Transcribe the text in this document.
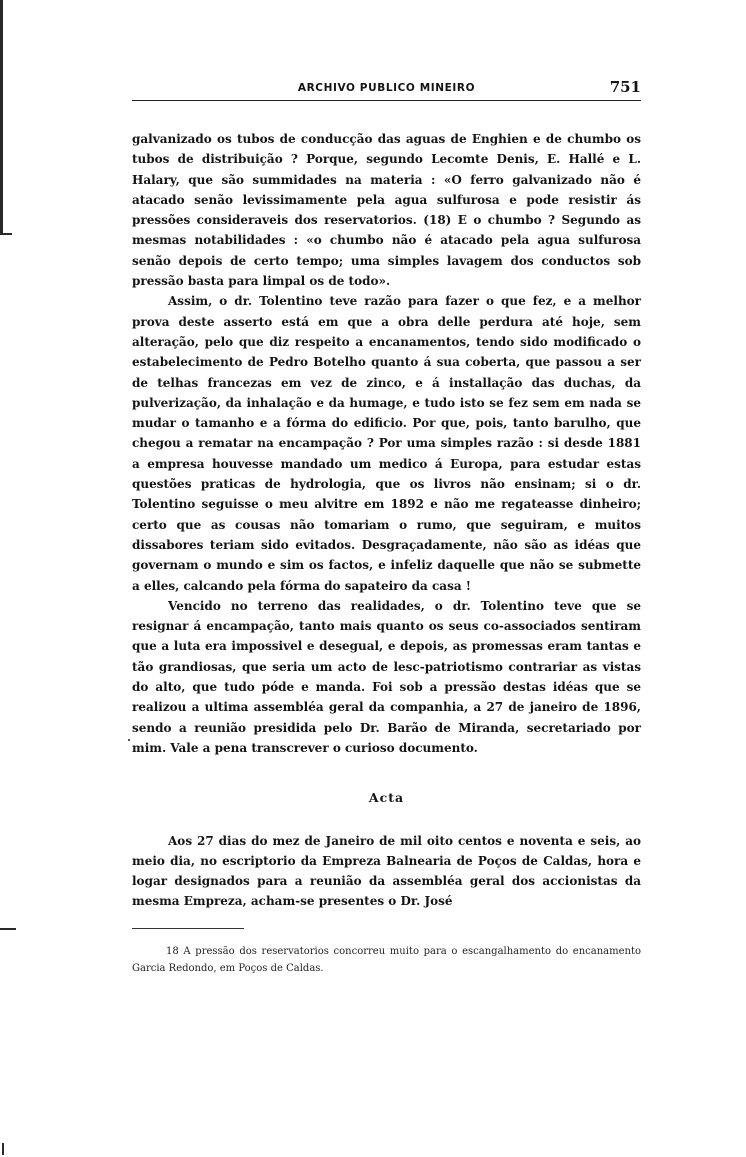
ARCHIVO PUBLICO MINEIRO	751

galvanizado os tubos de conducção das aguas de Enghien e de chumbo os tubos de distribuição ? Porque, segundo Lecomte Denis, E. Hallé e L. Halary, que são summidades na materia : «O ferro galvanizado não é atacado senão levissimamente pela agua sulfurosa e pode resistir ás pressões consideraveis dos reservatorios. (18) E o chumbo ? Segundo as mesmas notabilidades : «o chumbo não é atacado pela agua sulfurosa senão depois de certo tempo; uma simples lavagem dos conductos sob pressão basta para limpal os de todo».

Assim, o dr. Tolentino teve razão para fazer o que fez, e a melhor prova deste asserto está em que a obra delle perdura até hoje, sem alteração, pelo que diz respeito a encanamentos, tendo sido modificado o estabelecimento de Pedro Botelho quanto á sua coberta, que passou a ser de telhas francezas em vez de zinco, e á installação das duchas, da pulverização, da inhalação e da humage, e tudo isto se fez sem em nada se mudar o tamanho e a fórma do edificio. Por que, pois, tanto barulho, que chegou a rematar na encampação ? Por uma simples razão : si desde 1881 a empresa houvesse mandado um medico á Europa, para estudar estas questões praticas de hydrologia, que os livros não ensinam; si o dr. Tolentino seguisse o meu alvitre em 1892 e não me regateasse dinheiro; certo que as cousas não tomariam o rumo, que seguiram, e muitos dissabores teriam sido evitados. Desgraçadamente, não são as idéas que governam o mundo e sim os factos, e infeliz daquelle que não se submette a elles, calcando pela fórma do sapateiro da casa !

Vencido no terreno das realidades, o dr. Tolentino teve que se resignar á encampação, tanto mais quanto os seus co-associados sentiram que a luta era impossivel e desegual, e depois, as promessas eram tantas e tão grandiosas, que seria um acto de lesc-patriotismo contrariar as vistas do alto, que tudo póde e manda. Foi sob a pressão destas idéas que se realizou a ultima assembléa geral da companhia, a 27 de janeiro de 1896, sendo a reunião presidida pelo Dr. Barão de Miranda, secretariado por mim. Vale a pena transcrever o curioso documento.

Acta

Aos 27 dias do mez de Janeiro de mil oito centos e noventa e seis, ao meio dia, no escriptorio da Empreza Balnearia de Poços de Caldas, hora e logar designados para a reunião da assembléa geral dos accionistas da mesma Empreza, acham-se presentes o Dr. José

18 A pressão dos reservatorios concorreu muito para o escangalhamento do encanamento Garcia Redondo, em Poços de Caldas.
